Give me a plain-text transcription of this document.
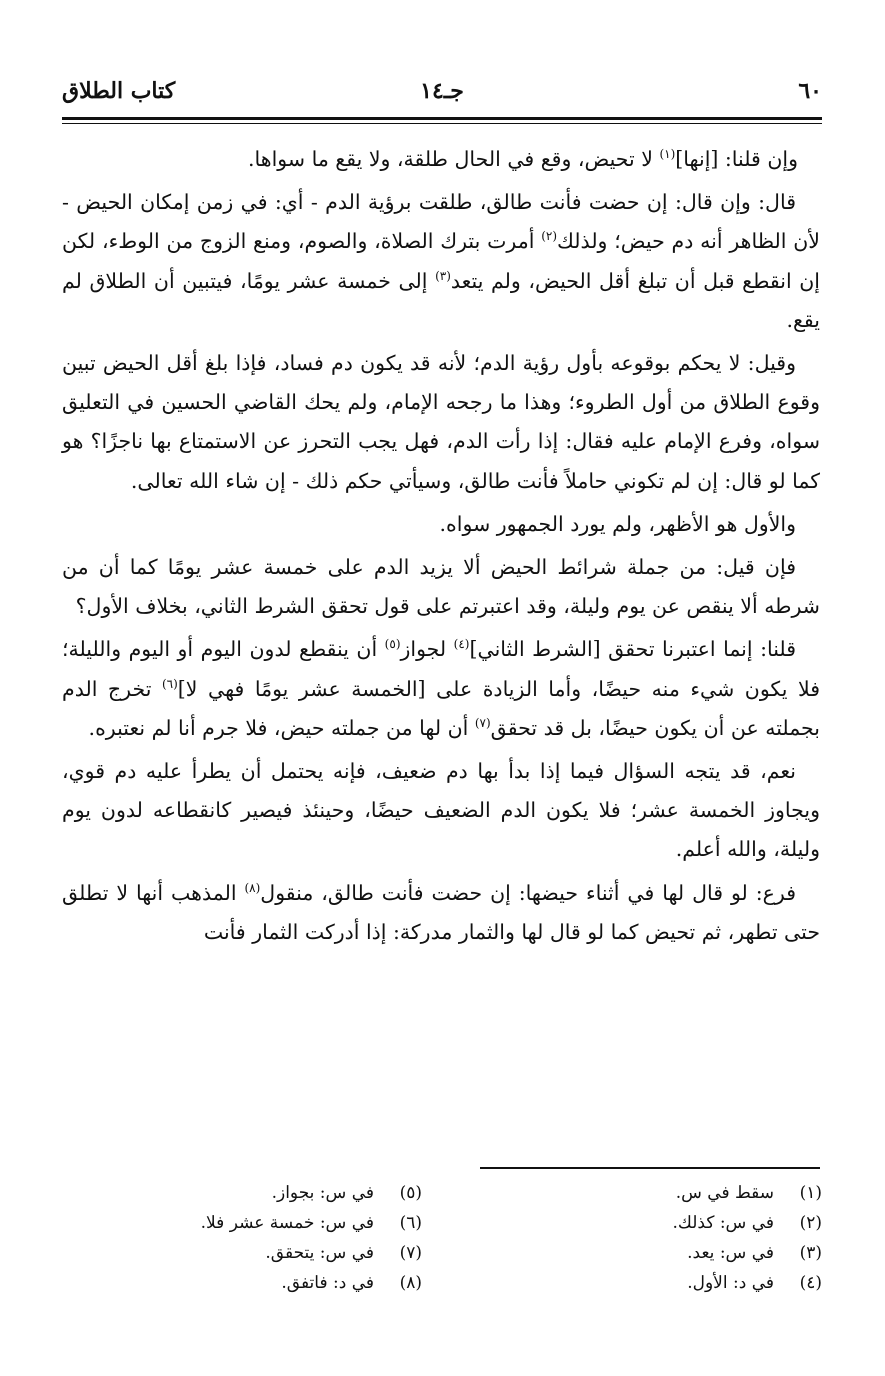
٦٠
جـ١٤
كتاب الطلاق

وإن قلنا: [إنها]$^{(١)}$ لا تحيض، وقع في الحال طلقة، ولا يقع ما سواها.

قال: وإن قال: إن حضت فأنت طالق، طلقت برؤية الدم - أي: في زمن إمكان الحيض - لأن الظاهر أنه دم حيض؛ ولذلك$^{(٢)}$ أمرت بترك الصلاة، والصوم، ومنع الزوج من الوطء، لكن إن انقطع قبل أن تبلغ أقل الحيض، ولم يتعد$^{(٣)}$ إلى خمسة عشر يومًا، فيتبين أن الطلاق لم يقع.

وقيل: لا يحكم بوقوعه بأول رؤية الدم؛ لأنه قد يكون دم فساد، فإذا بلغ أقل الحيض تبين وقوع الطلاق من أول الطروء؛ وهذا ما رجحه الإمام، ولم يحك القاضي الحسين في التعليق سواه، وفرع الإمام عليه فقال: إذا رأت الدم، فهل يجب التحرز عن الاستمتاع بها ناجزًا؟ هو كما لو قال: إن لم تكوني حاملاً فأنت طالق، وسيأتي حكم ذلك - إن شاء الله تعالى.

والأول هو الأظهر، ولم يورد الجمهور سواه.

فإن قيل: من جملة شرائط الحيض ألا يزيد الدم على خمسة عشر يومًا كما أن من شرطه ألا ينقص عن يوم وليلة، وقد اعتبرتم على قول تحقق الشرط الثاني، بخلاف الأول؟

قلنا: إنما اعتبرنا تحقق [الشرط الثاني]$^{(٤)}$ لجواز$^{(٥)}$ أن ينقطع لدون اليوم أو اليوم والليلة؛ فلا يكون شيء منه حيضًا، وأما الزيادة على [الخمسة عشر يومًا فهي لا]$^{(٦)}$ تخرج الدم بجملته عن أن يكون حيضًا، بل قد تحقق$^{(٧)}$ أن لها من جملته حيض، فلا جرم أنا لم نعتبره.

نعم، قد يتجه السؤال فيما إذا بدأ بها دم ضعيف، فإنه يحتمل أن يطرأ عليه دم قوي، ويجاوز الخمسة عشر؛ فلا يكون الدم الضعيف حيضًا، وحينئذ فيصير كانقطاعه لدون يوم وليلة، والله أعلم.

فرع: لو قال لها في أثناء حيضها: إن حضت فأنت طالق، منقول$^{(٨)}$ المذهب أنها لا تطلق حتى تطهر، ثم تحيض كما لو قال لها والثمار مدركة: إذا أدركت الثمار فأنت

(١)سقط في س.
(٢)في س: كذلك.
(٣)في س: يعد.
(٤)في د: الأول.
(٥)في س: بجواز.
(٦)في س: خمسة عشر فلا.
(٧)في س: يتحقق.
(٨)في د: فاتفق.
